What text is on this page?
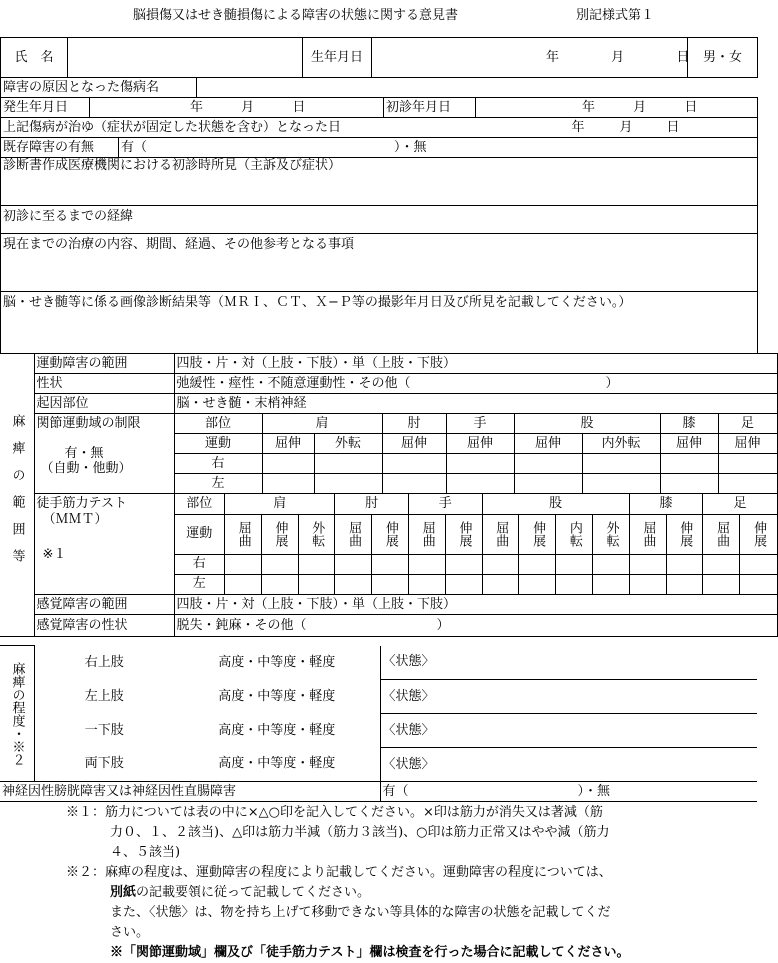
脳損傷又はせき髄損傷による障害の状態に関する意見書	別記様式第１
氏　名		生年月日	年	月	日	男・女
障害の原因となった傷病名	
発生年月日	年	月	日	初診年月日	年	月	日
上記傷病が治ゆ（症状が固定した状態を含む）となった日	年	月	日
既存障害の有無	有（　　　　　　　　　　　　　　　　　　　）・無
診断書作成医療機関における初診時所見（主訴及び症状）
初診に至るまでの経緯
現在までの治療の内容、期間、経過、その他参考となる事項
脳・せき髄等に係る画像診断結果等（ＭＲＩ、ＣＴ、Ｘ−Ｐ等の撮影年月日及び所見を記載してください。）
麻痺の範囲等	運動障害の範囲	四肢・片・対（上肢・下肢）・単（上肢・下肢）
性状	弛緩性・痙性・不随意運動性・その他（　　　　　　　　　　　　　　　）
起因部位	脳・せき髄・末梢神経

関節運動域の制限
有・無
（自動・他動）
	部位	肩	肘	手	股	膝	足
運動	屈伸	外転	屈伸	屈伸	屈伸	内外転	屈伸	屈伸
右								
左								

徒手筋力テスト
（ＭＭＴ）
※１

部位	肩	肘	手	股	膝	足
運動	屈曲	伸展	外転	屈曲	伸展	屈曲	伸展	屈曲	伸展	内転	外転	屈曲	伸展	屈曲	伸展
右															
左															

感覚障害の範囲	四肢・片・対（上肢・下肢）・単（上肢・下肢）
感覚障害の性状	脱失・鈍麻・その他（　　　　　　　　　　）
麻痺の程度・※２	右上肢	高度・中等度・軽度	〈状態〉
	左上肢	高度・中等度・軽度	〈状態〉
	一下肢	高度・中等度・軽度	〈状態〉
	両下肢	高度・中等度・軽度	〈状態〉
神経因性膀胱障害又は神経因性直腸障害	有（　　　　　　　　　　　　　）・無
※１：筋力については表の中に×△○印を記入してください。×印は筋力が消失又は著減（筋
力０、１、２該当)、△印は筋力半減（筋力３該当)、○印は筋力正常又はやや減（筋力
４、５該当)
※２：麻痺の程度は、運動障害の程度により記載してください。運動障害の程度については、
別紙の記載要領に従って記載してください。
また、〈状態〉は、物を持ち上げて移動できない等具体的な障害の状態を記載してくだ
さい。
※「関節運動域」欄及び「徒手筋力テスト」欄は検査を行った場合に記載してください。
